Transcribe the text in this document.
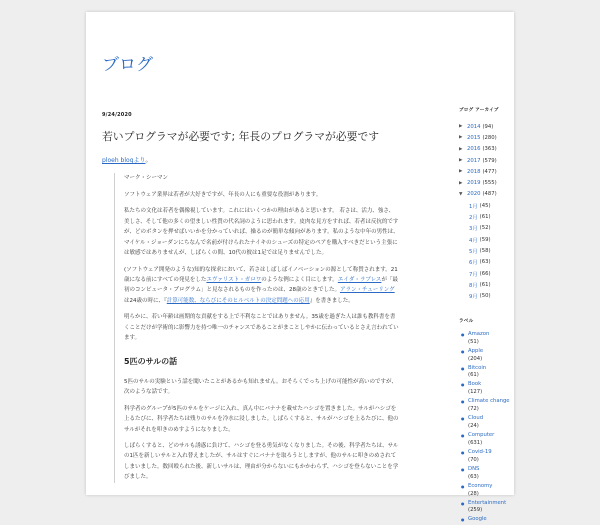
ブログ
9/24/2020
若いプログラマが必要です; 年長のプログラマが必要です
ploeh blogより。

マーク・シーマン

ソフトウェア業界は若者が大好きですが、年長の人にも重要な役割があります。

私たちの文化は若者を偶像視しています。これにはいくつかの理由があると思います。 若さは、活力、強さ、美しさ、そして他の多くの望ましい性質の代名詞のように思われます。皮肉な見方をすれば、若者は反抗的ですが、どのボタンを押せばいいかを分かっていれば、操るのが簡単な傾向があります。私のような中年の男性は、マイケル・ジョーダンにちなんで名前が付けられたナイキのシューズの特定のペアを購入すべきだという主張には敏感ではありませんが、しばらくの間、10代の彼は1足では足りませんでした。

(ソフトウェア開発のような)知的な探求において、若さはしばしばイノベーションの源として称賛されます。21歳になる前にすべての発見をしたエヴァリスト・ガロワのような例によく目にします。エイダ・ラブレスが「最初のコンピュータ・プログラム」と見なされるものを作ったのは、28歳のときでした。アラン・チューリングは24歳の時に、『計算可能数、ならびにそのヒルベルトの決定問題への応用』を書きました。

明らかに、若い年齢は画期的な貢献をする上で不利なことではありません。35歳を過ぎた人は誰も教科書を書くことだけが学術的に影響力を持つ唯一のチャンスであることがまことしやかに伝わっているとさえ言われています。

5匹のサルの話

5匹のサルの実験という話を聞いたことがあるかも知れません。おそらくでっち上げの可能性が高いのですが、次のような話です。

科学者のグループが5匹のサルをケージに入れ、真ん中にバナナを載せたハシゴを置きました。サルがハシゴを上るたびに、科学者たちは残りのサルを冷水に浸しました。しばらくすると、サルがハシゴを上るたびに、他のサルがそれを叩きのめすようになりました。

しばらくすると、どのサルも誘惑に負けて、ハシゴを登る勇気がなくなりました。その後、科学者たちは、サルの1匹を新しいサルと入れ替えましたが、サルはすぐにバナナを取ろうとしますが、他のサルに叩きのめされてしまいました。数回殴られた後、新しいサルは、理由が分からないにもかかわらず、ハシゴを登らないことを学びました。

ブログ アーカイブ
▶ 2014 (94)
▶ 2015 (280)
▶ 2016 (363)
▶ 2017 (579)
▶ 2018 (477)
▶ 2019 (555)
▼ 2020 (487)
1月 (45)
2月 (61)
3月 (52)
4月 (59)
5月 (58)
6月 (63)
7月 (66)
8月 (61)
9月 (50)
ラベル
● Amazon
(51)
● Apple
(204)
● Bitcoin
(61)
● Book
(127)
● Climate change
(72)
● Cloud
(24)
● Computer
(631)
● Covid-19
(70)
● DNS
(63)
● Economy
(28)
● Entertainment
(259)
● Google
